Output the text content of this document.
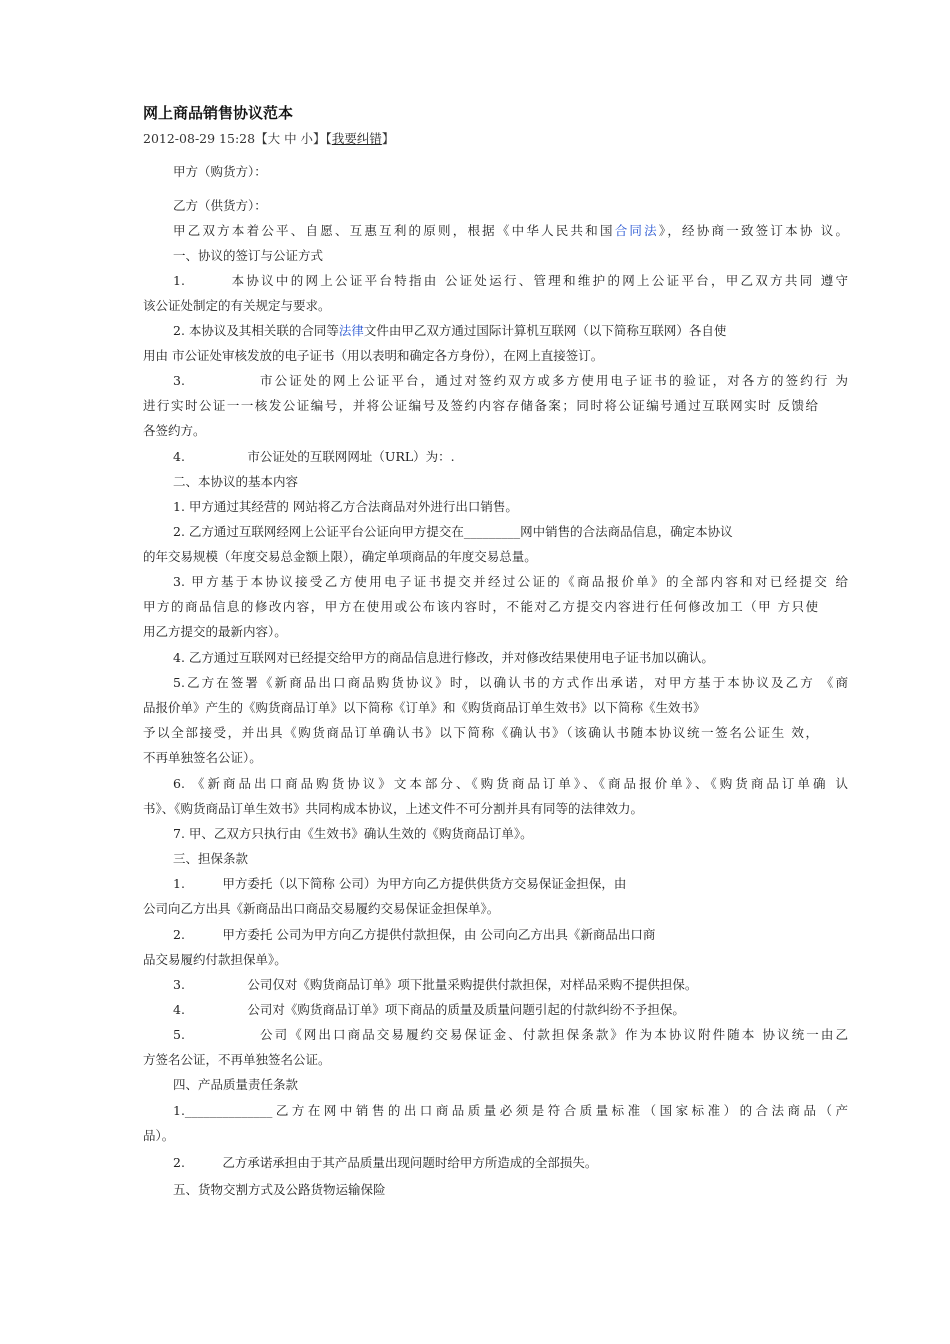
网上商品销售协议范本
2012-08-29 15:28【大 中 小】【我要纠错】
甲方（购货方）：
乙方（供货方）：
甲乙双方本着公平、自愿、互惠互利的原则，根据《中华人民共和国合同法》，经协商一致签订本协 议。
一、协议的签订与公证方式
1.　　　本协议中的网上公证平台特指由 公证处运行、管理和维护的网上公证平台，甲乙双方共同 遵守
该公证处制定的有关规定与要求。
2. 本协议及其相关联的合同等法律文件由甲乙双方通过国际计算机互联网（以下简称互联网）各自使
用由 市公证处审核发放的电子证书（用以表明和确定各方身份），在网上直接签订。
3.　　　　　市公证处的网上公证平台，通过对签约双方或多方使用电子证书的验证，对各方的签约行 为
进行实时公证一一核发公证编号，并将公证编号及签约内容存储备案；同时将公证编号通过互联网实时 反馈给
各签约方。
4.　　　　　市公证处的互联网网址（URL）为：.
二、本协议的基本内容
1. 甲方通过其经营的 网站将乙方合法商品对外进行出口销售。
2. 乙方通过互联网经网上公证平台公证向甲方提交在_________网中销售的合法商品信息，确定本协议
的年交易规模（年度交易总金额上限），确定单项商品的年度交易总量。
3. 甲方基于本协议接受乙方使用电子证书提交并经过公证的《商品报价单》的全部内容和对已经提交 给
甲方的商品信息的修改内容，甲方在使用或公布该内容时，不能对乙方提交内容进行任何修改加工（甲 方只使
用乙方提交的最新内容）。
4. 乙方通过互联网对已经提交给甲方的商品信息进行修改，并对修改结果使用电子证书加以确认。
5.乙方在签署《新商品出口商品购货协议》时，以确认书的方式作出承诺，对甲方基于本协议及乙方 《商
品报价单》产生的《购货商品订单》以下简称《订单》和《购货商品订单生效书》以下简称《生效书》
予以全部接受，并出具《购货商品订单确认书》以下简称《确认书》（该确认书随本协议统一签名公证生 效，
不再单独签名公证）。
6. 《新商品出口商品购货协议》文本部分、《购货商品订单》、《商品报价单》、《购货商品订单确 认
书》、《购货商品订单生效书》共同构成本协议，上述文件不可分割并具有同等的法律效力。
7. 甲、乙双方只执行由《生效书》确认生效的《购货商品订单》。
三、担保条款
1.　　　甲方委托（以下简称 公司）为甲方向乙方提供供货方交易保证金担保，由
公司向乙方出具《新商品出口商品交易履约交易保证金担保单》。
2.　　　甲方委托 公司为甲方向乙方提供付款担保，由 公司向乙方出具《新商品出口商
品交易履约付款担保单》。
3.　　　　　公司仅对《购货商品订单》项下批量采购提供付款担保，对样品采购不提供担保。
4.　　　　　公司对《购货商品订单》项下商品的质量及质量问题引起的付款纠纷不予担保。
5.　　　　　公司《网出口商品交易履约交易保证金、付款担保条款》作为本协议附件随本 协议统一由乙
方签名公证，不再单独签名公证。
四、产品质量责任条款
1.______________乙方在网中销售的出口商品质量必须是符合质量标准（国家标准）的合法商品（产
品）。
2.　　　乙方承诺承担由于其产品质量出现问题时给甲方所造成的全部损失。
五、货物交割方式及公路货物运输保险
